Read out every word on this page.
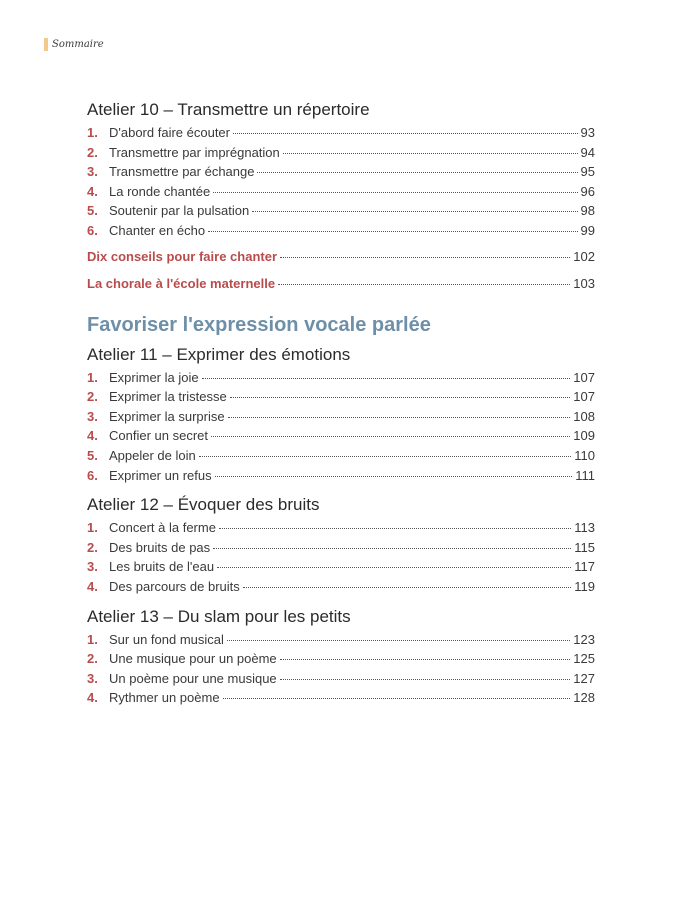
Sommaire
Atelier 10 – Transmettre un répertoire
1. D'abord faire écouter	93
2. Transmettre par imprégnation	94
3. Transmettre par échange	95
4. La ronde chantée	96
5. Soutenir par la pulsation	98
6. Chanter en écho	99
Dix conseils pour faire chanter	102
La chorale à l'école maternelle	103
Favoriser l'expression vocale parlée
Atelier 11 – Exprimer des émotions
1. Exprimer la joie	107
2. Exprimer la tristesse	107
3. Exprimer la surprise	108
4. Confier un secret	109
5. Appeler de loin	110
6. Exprimer un refus	111
Atelier 12 – Évoquer des bruits
1. Concert à la ferme	113
2. Des bruits de pas	115
3. Les bruits de l'eau	117
4. Des parcours de bruits	119
Atelier 13 – Du slam pour les petits
1. Sur un fond musical	123
2. Une musique pour un poème	125
3. Un poème pour une musique	127
4. Rythmer un poème	128
